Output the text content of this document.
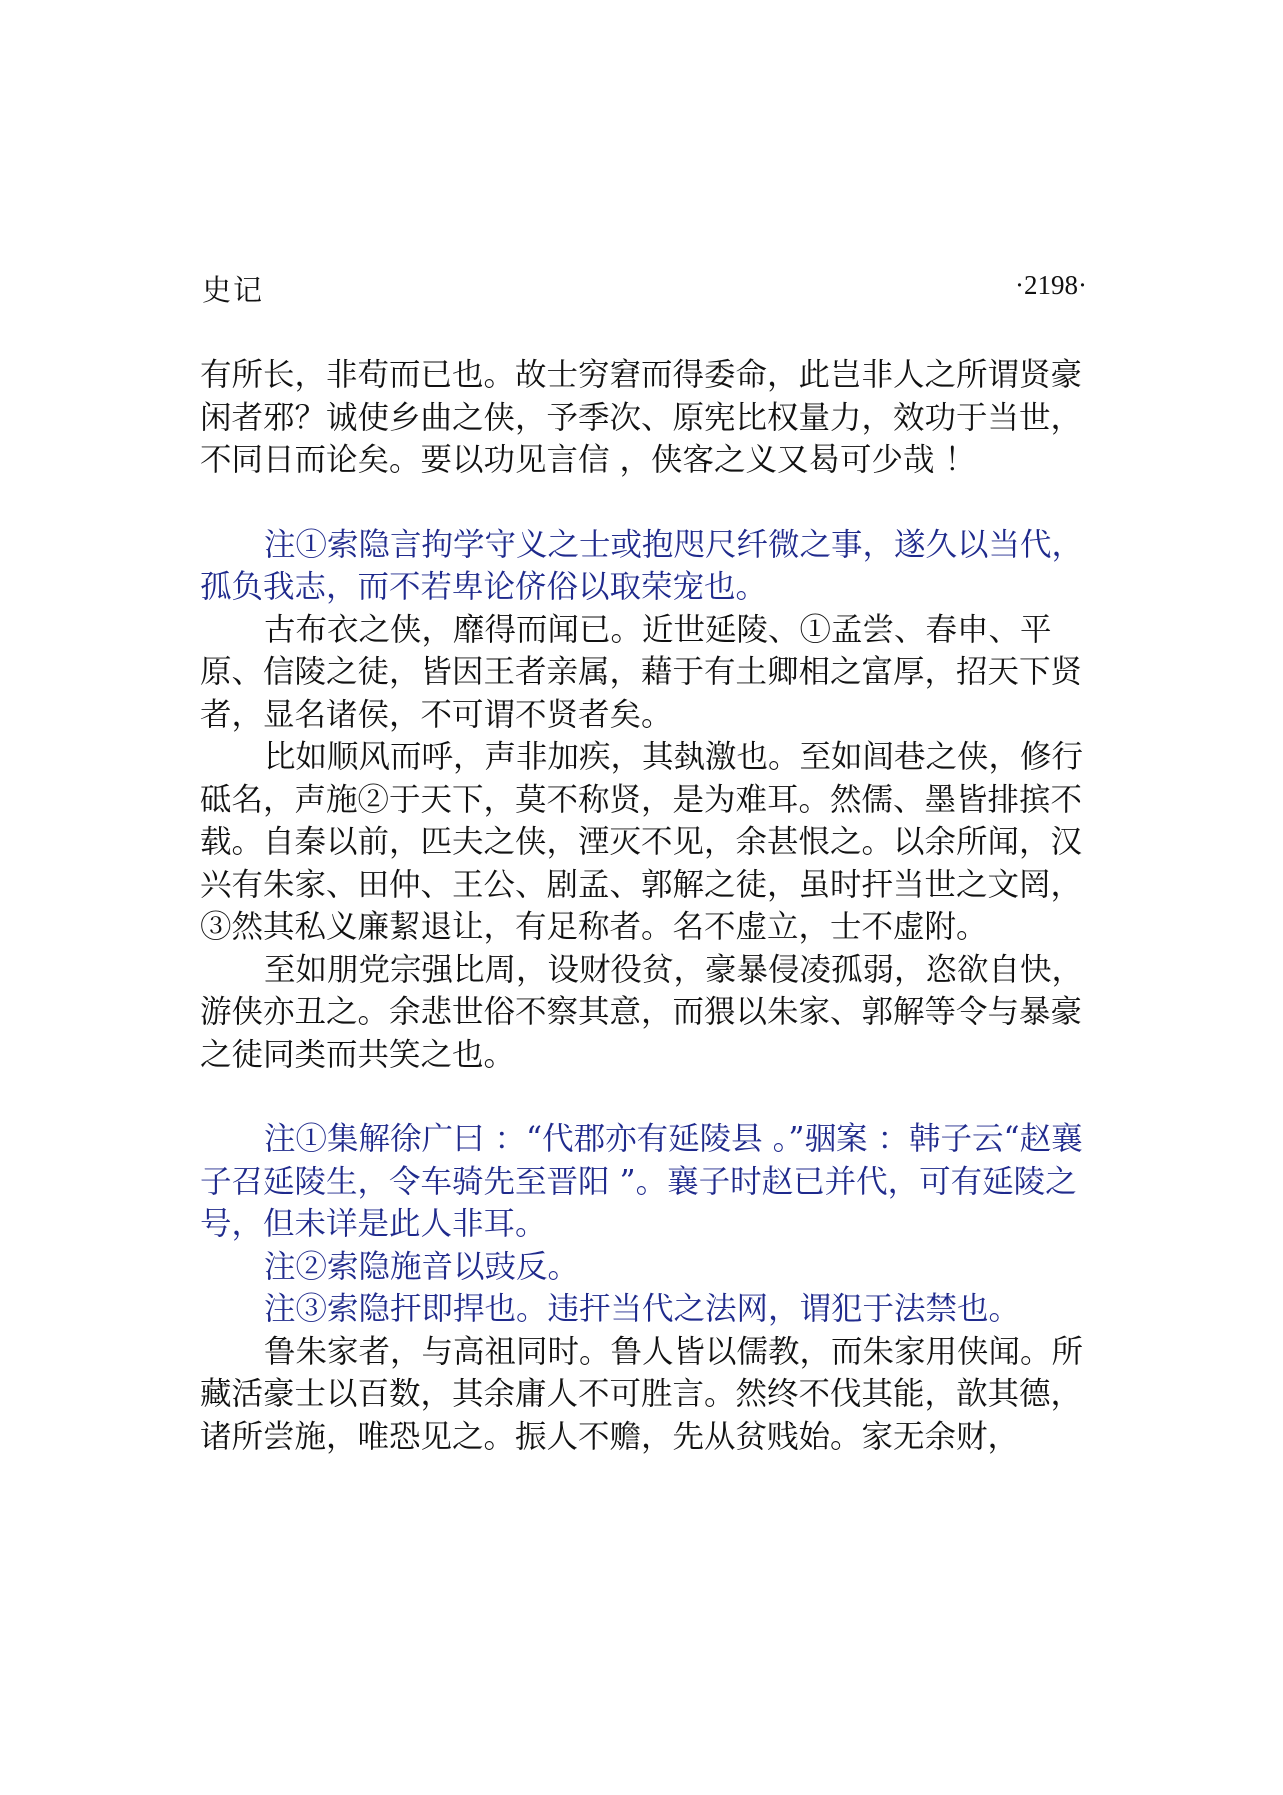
史记	·2198·

有所长，非苟而已也。故士穷窘而得委命，此岂非人之所谓贤豪闲者邪？诚使乡曲之侠，予季次、原宪比权量力，效功于当世，不同日而论矣。要以功见言信 ，侠客之义又曷可少哉 ！

注①索隐言拘学守义之士或抱咫尺纤微之事，遂久以当代，孤负我志，而不若卑论侪俗以取荣宠也。

古布衣之侠，靡得而闻已。近世延陵、①孟尝、春申、平原、信陵之徒，皆因王者亲属，藉于有土卿相之富厚，招天下贤者，显名诸侯，不可谓不贤者矣。

比如顺风而呼，声非加疾，其埶激也。至如闾巷之侠，修行砥名，声施②于天下，莫不称贤，是为难耳。然儒、墨皆排摈不载。自秦以前，匹夫之侠，湮灭不见，余甚恨之。以余所闻，汉兴有朱家、田仲、王公、剧孟、郭解之徒，虽时扞当世之文罔，③然其私义廉絜退让，有足称者。名不虚立，士不虚附。

至如朋党宗强比周，设财役贫，豪暴侵凌孤弱，恣欲自快，游侠亦丑之。余悲世俗不察其意，而猥以朱家、郭解等令与暴豪之徒同类而共笑之也。

注①集解徐广曰 ：“代郡亦有延陵县 。”骃案 ：韩子云“赵襄子召延陵生，令车骑先至晋阳 ”。襄子时赵已并代，可有延陵之号，但未详是此人非耳。

注②索隐施音以豉反。

注③索隐扞即捍也。违扞当代之法网，谓犯于法禁也。

鲁朱家者，与高祖同时。鲁人皆以儒教，而朱家用侠闻。所藏活豪士以百数，其余庸人不可胜言。然终不伐其能，歆其德，诸所尝施，唯恐见之。振人不赡，先从贫贱始。家无余财，
